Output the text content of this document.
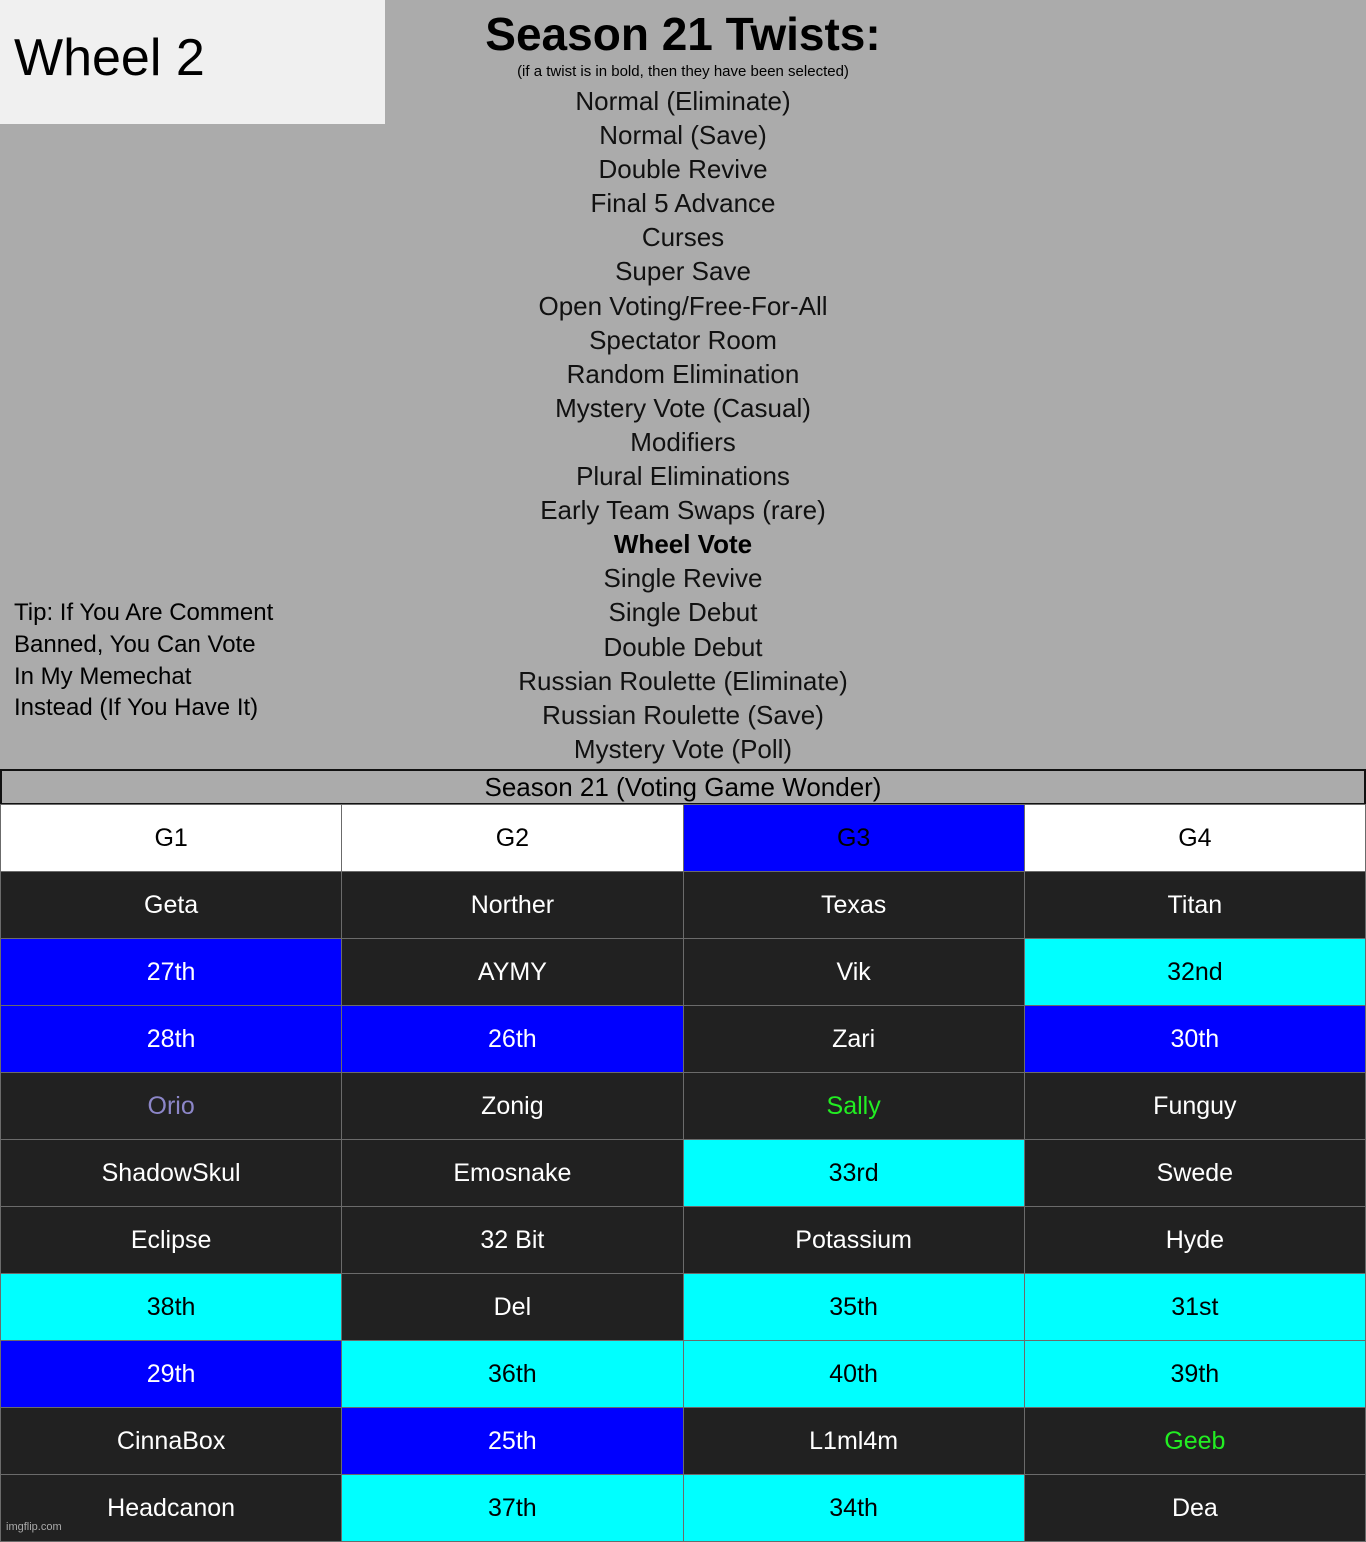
Wheel 2	Season 21 Twists:
(if a twist is in bold, then they have been selected)
Normal (Eliminate)
Normal (Save)
Double Revive
Final 5 Advance
Curses
Super Save
Open Voting/Free-For-All
Spectator Room
Random Elimination
Mystery Vote (Casual)
Modifiers
Plural Eliminations
Early Team Swaps (rare)
Wheel Vote
Single Revive
Single Debut
Double Debut
Russian Roulette (Eliminate)
Russian Roulette (Save)
Mystery Vote (Poll)
Tip: If You Are Comment Banned, You Can Vote In My Memechat Instead (If You Have It)
Season 21 (Voting Game Wonder)
G1	G2	G3	G4
Geta	Norther	Texas	Titan
27th	AYMY	Vik	32nd
28th	26th	Zari	30th
Orio	Zonig	Sally	Funguy
ShadowSkul	Emosnake	33rd	Swede
Eclipse	32 Bit	Potassium	Hyde
38th	Del	35th	31st
29th	36th	40th	39th
CinnaBox	25th	L1ml4m	Geeb
Headcanon	37th	34th	Dea
imgflip.com
